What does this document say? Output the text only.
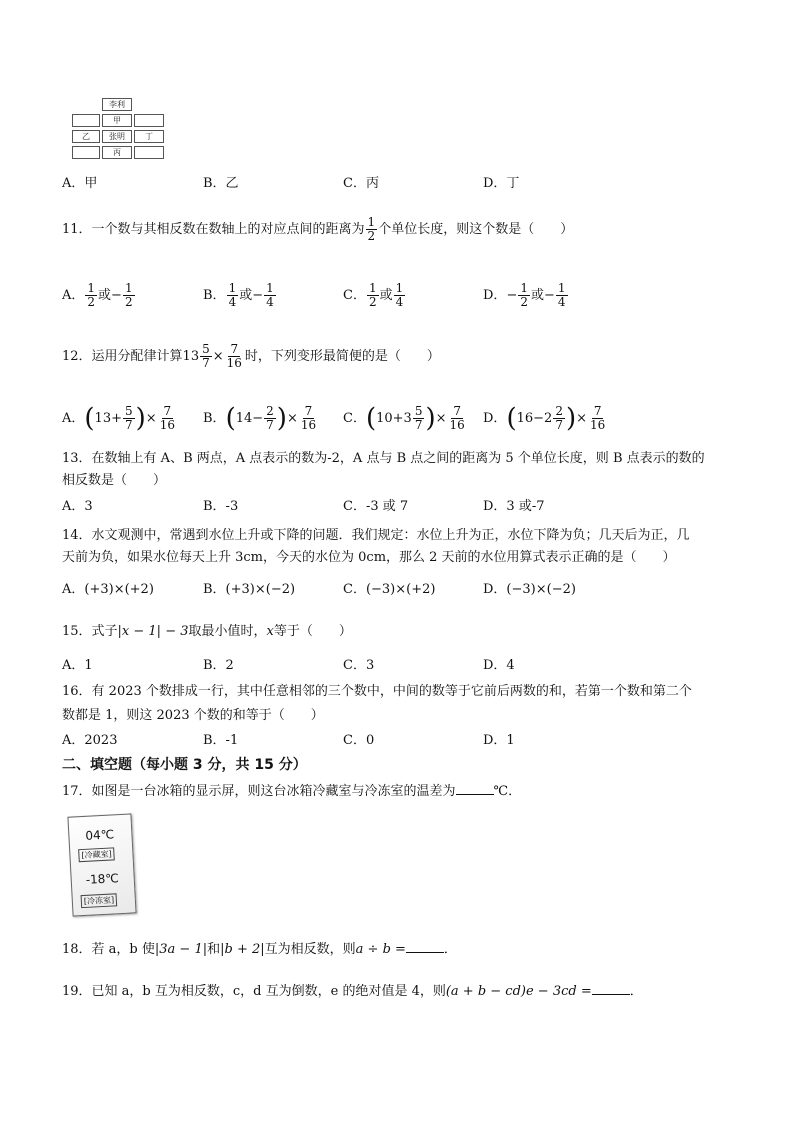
李利
甲
乙	张明	丁
丙
A．甲	B．乙	C．丙	D．丁
11．一个数与其相反数在数轴上的对应点间的距离为 $\frac{1}{2}$ 个单位长度，则这个数是（　　）
A． $\frac{1}{2}$ 或− $\frac{1}{2}$	B． $\frac{1}{4}$ 或− $\frac{1}{4}$	C． $\frac{1}{2}$ 或 $\frac{1}{4}$	D．− $\frac{1}{2}$ 或− $\frac{1}{4}$
12．运用分配律计算$13 \frac{5}{7} \times \frac{7}{16}$ 时，下列变形最简便的是（　　）
A．($13+ \frac{5}{7}$ )× $\frac{7}{16}$ B．($14- \frac{2}{7}$ )× $\frac{7}{16}$ C．($10+3 \frac{5}{7}$ )× $\frac{7}{16}$ D．($16-2 \frac{2}{7}$ )× $\frac{7}{16}$
13．在数轴上有 A、B 两点，A 点表示的数为-2，A 点与 B 点之间的距离为 5 个单位长度，则 B 点表示的数的
相反数是（　　）
A．3	B．-3	C．-3 或 7	D．3 或-7
14．水文观测中，常遇到水位上升或下降的问题．我们规定：水位上升为正，水位下降为负；几天后为正，几
天前为负，如果水位每天上升 3cm，今天的水位为 0cm，那么 2 天前的水位用算式表示正确的是（　　）
A．(+3)×(+2)	B．(+3)×(−2)	C．(−3)×(+2)	D．(−3)×(−2)
15．式子|x − 1| − 3取最小值时，x等于（　　）
A．1	B．2	C．3	D．4
16．有 2023 个数排成一行，其中任意相邻的三个数中，中间的数等于它前后两数的和，若第一个数和第二个
数都是 1，则这 2023 个数的和等于（　　）
A．2023	B．-1	C．0	D．1
二、填空题（每小题 3 分，共 15 分）
17．如图是一台冰箱的显示屏，则这台冰箱冷藏室与冷冻室的温差为	℃．
04℃
[冷藏室]
-18℃
[冷冻室]
18．若 a，b 使|3a − 1|和|b + 2|互为相反数，则a ÷ b =	．
19．已知 a，b 互为相反数，c，d 互为倒数，e 的绝对值是 4，则(a + b − cd)e − 3cd =	．
